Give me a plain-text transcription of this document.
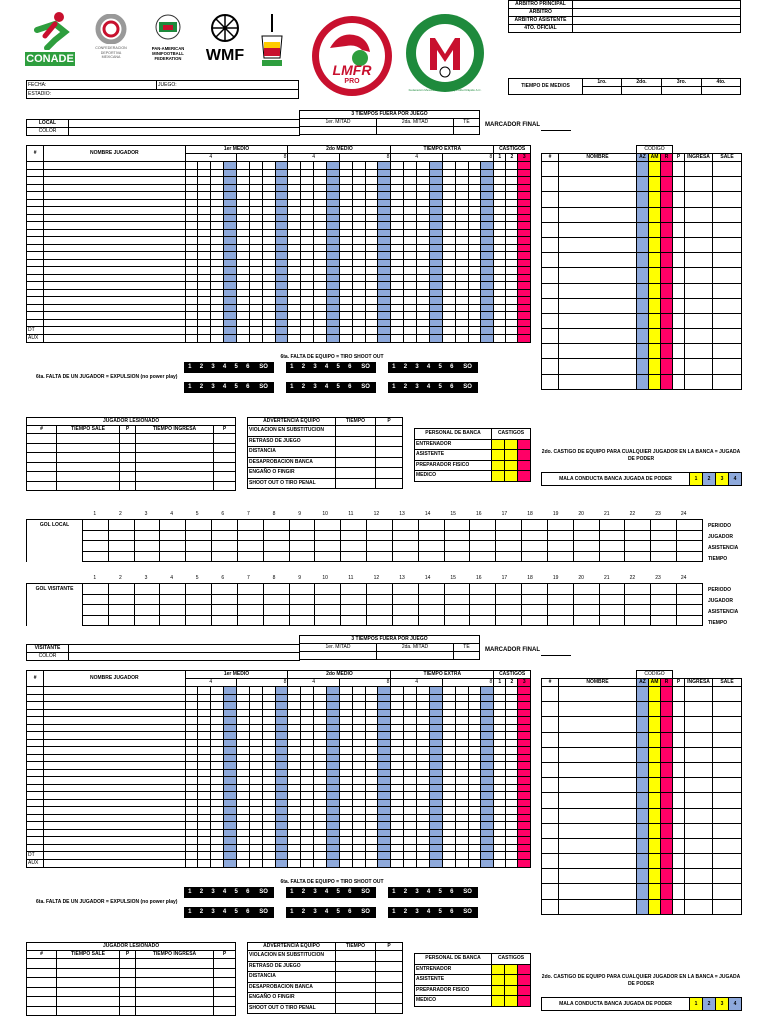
CONADE
CONFEDERACION
DEPORTIVA
MEXICANA
PAN-AMERICAN
MINIFOOTBALL
FEDERATION	WMF
LMFR
PRO
Federación Mexicana de Fútbol 7 y Fútbol Rápido A.C.
ARBITRO PRINCIPAL	
ARBITRO	
ARBITRO ASISTENTE	
4TO. OFICIAL	
FECHA:	JUEGO:
ESTADIO:
TIEMPO DE MEDIOS	1ro.	2do.	3ro.	4to.

3 TIEMPOS FUERA POR JUEGO		
1er. MITAD	2da. MITAD	TE

LOCAL	
COLOR	
MARCADOR FINAL
#	NOMBRE JUGADOR	1er MEDIO								2do MEDIO								TIEMPO EXTRA								CASTIGOS		
		4				8				4				8				4				8				1	2	3

DT																												
AUX																												
		CODIGO					
#	NOMBRE	AZ	AM	R	P	INGRESA	SALE

6ta. FALTA DE EQUIPO = TIRO SHOOT OUT
6ta. FALTA DE UN JUGADOR = EXPULSION (no power play)
1	2	3	4	5	6	SO	1	2	3	4	5	6	SO	1	2	3	4	5	6	SO
1	2	3	4	5	6	SO	1	2	3	4	5	6	SO	1	2	3	4	5	6	SO
JUGADOR LESIONADO				
#	TIEMPO SALE	P	TIEMPO INGRESA	P

ADVERTENCIA EQUIPO	TIEMPO	P
VIOLACION EN SUBSTITUCION		
RETRASO DE JUEGO		
DISTANCIA		
DESAPROBACION BANCA		
ENGAÑO O FINGIR		
SHOOT OUT O TIRO PENAL		
PERSONAL DE BANCA	CASTIGOS		
ENTRENADOR			
ASISTENTE			
PREPARADOR FISICO			
MEDICO			
2do. CASTIGO DE EQUIPO PARA CUALQUIER JUGADOR EN LA BANCA = JUGADA DE PODER
MALA CONDUCTA BANCA JUGADA DE PODER	1	2	3	4
3 TIEMPOS FUERA POR JUEGO		
1er. MITAD	2da. MITAD	TE

VISITANTE	
COLOR	
MARCADOR FINAL
#	NOMBRE JUGADOR	1er MEDIO								2do MEDIO								TIEMPO EXTRA								CASTIGOS		
		4				8				4				8				4				8				1	2	3

DT																												
AUX																												
		CODIGO					
#	NOMBRE	AZ	AM	R	P	INGRESA	SALE

6ta. FALTA DE EQUIPO = TIRO SHOOT OUT
6ta. FALTA DE UN JUGADOR = EXPULSION (no power play)
1	2	3	4	5	6	SO	1	2	3	4	5	6	SO	1	2	3	4	5	6	SO
1	2	3	4	5	6	SO	1	2	3	4	5	6	SO	1	2	3	4	5	6	SO
JUGADOR LESIONADO				
#	TIEMPO SALE	P	TIEMPO INGRESA	P

ADVERTENCIA EQUIPO	TIEMPO	P
VIOLACION EN SUBSTITUCION		
RETRASO DE JUEGO		
DISTANCIA		
DESAPROBACION BANCA		
ENGAÑO O FINGIR		
SHOOT OUT O TIRO PENAL		
PERSONAL DE BANCA	CASTIGOS		
ENTRENADOR			
ASISTENTE			
PREPARADOR FISICO			
MEDICO			
2do. CASTIGO DE EQUIPO PARA CUALQUIER JUGADOR EN LA BANCA = JUGADA DE PODER
MALA CONDUCTA BANCA JUGADA DE PODER	1	2	3	4
1	2	3	4	5	6	7	8	9	10	11	12	13	14	15	16	17	18	19	20	21	22	23	24
GOL LOCAL																								

																									PERIODO
JUGADOR
ASISTENCIA
TIEMPO
1	2	3	4	5	6	7	8	9	10	11	12	13	14	15	16	17	18	19	20	21	22	23	24
GOL VISITANTE																								

																									PERIODO
JUGADOR
ASISTENCIA
TIEMPO
